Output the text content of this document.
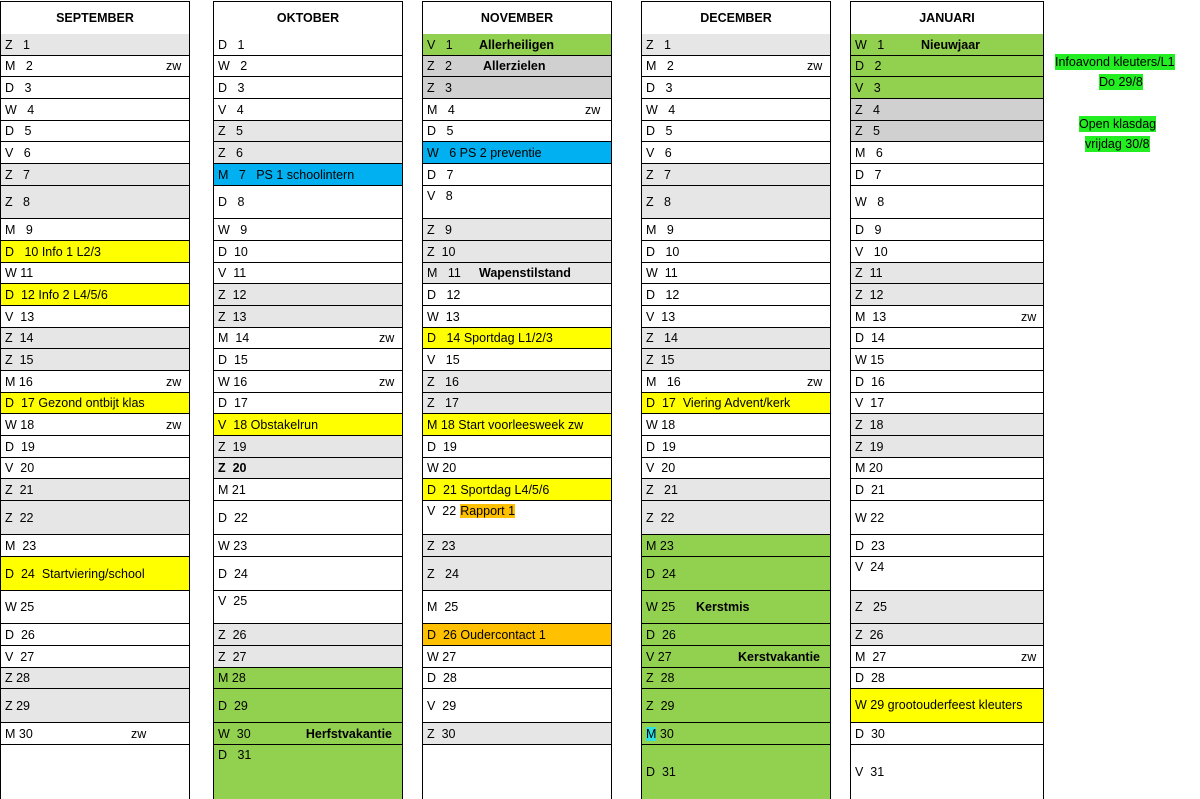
SEPTEMBER
Z   1
M   2	zw
D   3
W   4
D   5
V   6
Z   7
Z   8
M   9
D   10 Info 1 L2/3
W 11
D  12 Info 2 L4/5/6
V  13
Z  14
Z  15
M 16	zw
D  17 Gezond ontbijt klas
W 18	zw
D  19
V  20
Z  21
Z  22
M  23
D  24  Startviering/school
W 25
D  26
V  27
Z 28
Z 29
M 30	zw
OKTOBER
D   1
W   2
D   3
V   4
Z   5
Z   6
M   7   PS 1 schoolintern
D   8
W   9
D  10
V  11
Z  12
Z  13
M  14	zw
D  15
W 16	zw
D  17
V  18 Obstakelrun
Z  19
Z  20
M 21
D  22
W 23
D  24
V  25
Z  26
Z  27
M 28
D  29
W  30	Herfstvakantie
D   31
NOVEMBER
V   1 Allerheiligen
Z   2 Allerzielen
Z   3
M   4	zw
D   5
W   6 PS 2 preventie
D   7
V   8
Z   9
Z  10
M   11 Wapenstilstand
D   12
W  13
D   14 Sportdag L1/2/3
V   15
Z   16
Z   17
M 18 Start voorleesweek zw
D  19
W 20
D  21 Sportdag L4/5/6
V  22 Rapport 1
Z  23
Z   24
M  25
D  26 Oudercontact 1
W 27
D  28
V  29
Z  30
DECEMBER
Z   1
M   2	zw
D   3
W   4
D   5
V   6
Z   7
Z   8
M   9
D   10
W  11
D   12
V  13
Z   14
Z  15
M   16	zw
D  17  Viering Advent/kerk
W 18
D  19
V  20
Z   21
Z  22
M 23
D  24
W 25 Kerstmis
D  26
V 27	Kerstvakantie
Z  28
Z  29
M 30
D  31
JANUARI
W   1	Nieuwjaar
D   2
V   3
Z   4
Z   5
M   6
D   7
W   8
D   9
V   10
Z  11
Z  12
M  13	zw
D  14
W 15
D  16
V  17
Z  18
Z  19
M 20
D  21
W 22
D  23
V  24
Z   25
Z  26
M  27	zw
D  28
W 29 grootouderfeest kleuters
D  30
V  31
Infoavond kleuters/L1
Do 29/8
Open klasdag
vrijdag 30/8
